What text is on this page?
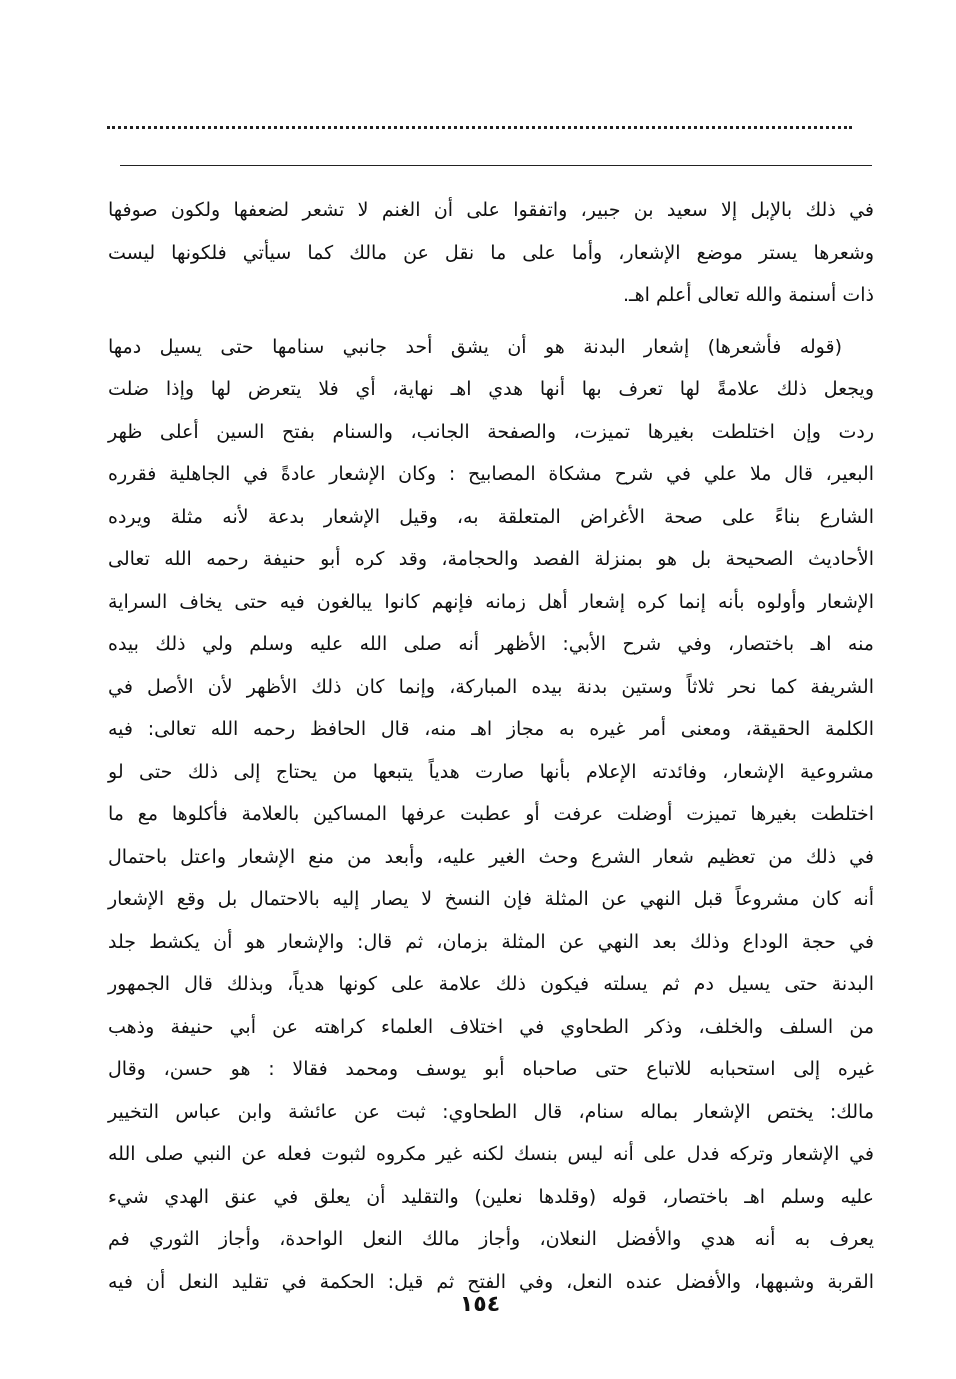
في ذلك بالإبل إلا سعيد بن جبير، واتفقوا على أن الغنم لا تشعر لضعفها ولكون صوفها
وشعرها يستر موضع الإشعار، وأما على ما نقل عن مالك كما سيأتي فلكونها ليست
ذات أسنمة والله تعالى أعلم اهـ.
(قوله فأشعرها) إشعار البدنة هو أن يشق أحد جانبي سنامها حتى يسيل دمها
ويجعل ذلك علامةً لها تعرف بها أنها هدي اهـ نهاية، أي فلا يتعرض لها وإذا ضلت
ردت وإن اختلطت بغيرها تميزت، والصفحة الجانب، والسنام بفتح السين أعلى ظهر
البعير، قال ملا علي في شرح مشكاة المصابيح : وكان الإشعار عادةً في الجاهلية فقرره
الشارع بناءً على صحة الأغراض المتعلقة به، وقيل الإشعار بدعة لأنه مثلة ويرده
الأحاديث الصحيحة بل هو بمنزلة الفصد والحجامة، وقد كره أبو حنيفة رحمه الله تعالى
الإشعار وأولوه بأنه إنما كره إشعار أهل زمانه فإنهم كانوا يبالغون فيه حتى يخاف السراية
منه اهـ باختصار، وفي شرح الأبي: الأظهر أنه صلى الله عليه وسلم ولي ذلك بيده
الشريفة كما نحر ثلاثاً وستين بدنة بيده المباركة، وإنما كان ذلك الأظهر لأن الأصل في
الكلمة الحقيقة، ومعنى أمر غيره به مجاز اهـ منه، قال الحافظ رحمه الله تعالى: فيه
مشروعية الإشعار، وفائدته الإعلام بأنها صارت هدياً يتبعها من يحتاج إلى ذلك حتى لو
اختلطت بغيرها تميزت أوضلت عرفت أو عطبت عرفها المساكين بالعلامة فأكلوها مع ما
في ذلك من تعظيم شعار الشرع وحث الغير عليه، وأبعد من منع الإشعار واعتل باحتمال
أنه كان مشروعاً قبل النهي عن المثلة فإن النسخ لا يصار إليه بالاحتمال بل وقع الإشعار
في حجة الوداع وذلك بعد النهي عن المثلة بزمان، ثم قال: والإشعار هو أن يكشط جلد
البدنة حتى يسيل دم ثم يسلته فيكون ذلك علامة على كونها هدياً، وبذلك قال الجمهور
من السلف والخلف، وذكر الطحاوي في اختلاف العلماء كراهته عن أبي حنيفة وذهب
غيره إلى استحبابه للاتباع حتى صاحباه أبو يوسف ومحمد فقالا : هو حسن، وقال
مالك: يختص الإشعار بماله سنام، قال الطحاوي: ثبت عن عائشة وابن عباس التخيير
في الإشعار وتركه فدل على أنه ليس بنسك لكنه غير مكروه لثبوت فعله عن النبي صلى الله
عليه وسلم اهـ باختصار، قوله (وقلدها نعلين) والتقليد أن يعلق في عنق الهدي شيء
يعرف به أنه هدي والأفضل النعلان، وأجاز مالك النعل الواحدة، وأجاز الثوري فم
القربة وشبهها، والأفضل عنده النعل، وفي الفتح ثم قيل: الحكمة في تقليد النعل أن فيه
١٥٤
